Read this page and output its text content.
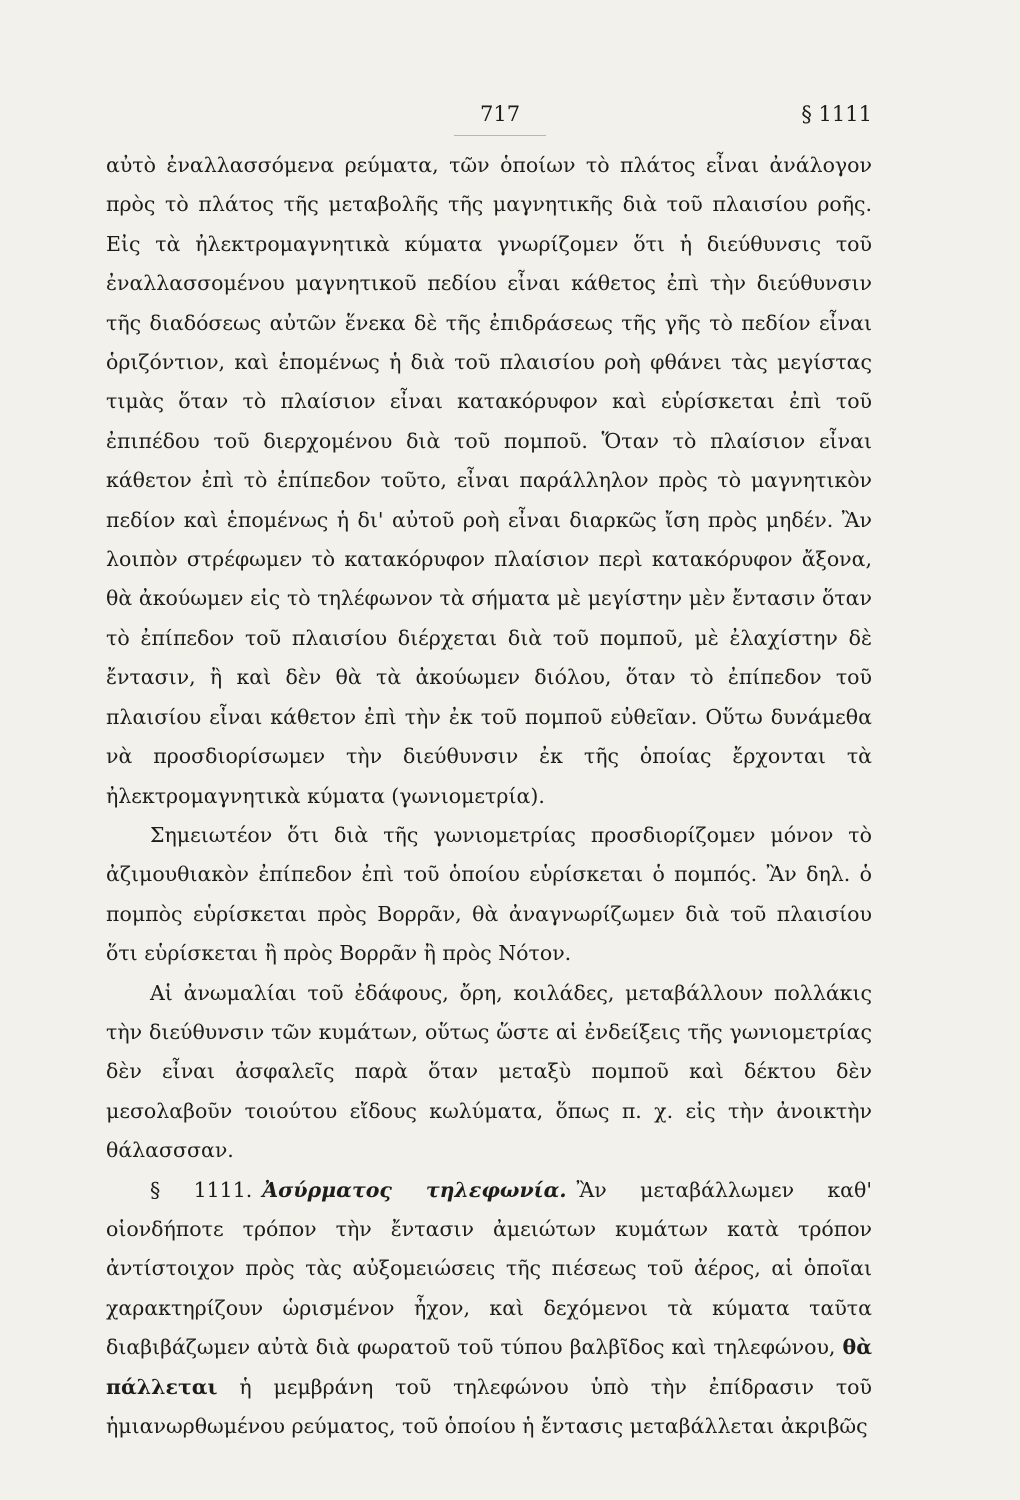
717	§ 1111

αὐτὸ ἐναλλασσόμενα ρεύματα, τῶν ὁποίων τὸ πλάτος εἶναι ἀνάλογον πρὸς τὸ πλάτος τῆς μεταβολῆς τῆς μαγνητικῆς διὰ τοῦ πλαισίου ροῆς. Εἰς τὰ ἠλεκτρομαγνητικὰ κύματα γνωρίζομεν ὅτι ἡ διεύθυνσις τοῦ ἐναλλασσομένου μαγνητικοῦ πεδίου εἶναι κάθετος ἐπὶ τὴν διεύθυνσιν τῆς διαδόσεως αὐτῶν ἕνεκα δὲ τῆς ἐπιδράσεως τῆς γῆς τὸ πεδίον εἶναι ὁριζόντιον, καὶ ἑπομένως ἡ διὰ τοῦ πλαισίου ροὴ φθάνει τὰς μεγίστας τιμὰς ὅταν τὸ πλαίσιον εἶναι κατακόρυφον καὶ εὑρίσκεται ἐπὶ τοῦ ἐπιπέδου τοῦ διερχομένου διὰ τοῦ πομποῦ. Ὅταν τὸ πλαίσιον εἶναι κάθετον ἐπὶ τὸ ἐπίπεδον τοῦτο, εἶναι παράλληλον πρὸς τὸ μαγνητικὸν πεδίον καὶ ἑπομένως ἡ δι' αὐτοῦ ροὴ εἶναι διαρκῶς ἴση πρὸς μηδέν. Ἂν λοιπὸν στρέφωμεν τὸ κατακόρυφον πλαίσιον περὶ κατακόρυφον ἄξονα, θὰ ἀκούωμεν εἰς τὸ τηλέφωνον τὰ σήματα μὲ μεγίστην μὲν ἔντασιν ὅταν τὸ ἐπίπεδον τοῦ πλαισίου διέρχεται διὰ τοῦ πομποῦ, μὲ ἐλαχίστην δὲ ἔντασιν, ἢ καὶ δὲν θὰ τὰ ἀκούωμεν διόλου, ὅταν τὸ ἐπίπεδον τοῦ πλαισίου εἶναι κάθετον ἐπὶ τὴν ἐκ τοῦ πομποῦ εὐθεῖαν. Οὕτω δυνάμεθα νὰ προσδιορίσωμεν τὴν διεύθυνσιν ἐκ τῆς ὁποίας ἔρχονται τὰ ἠλεκτρομαγνητικὰ κύματα (γωνιομετρία).

Σημειωτέον ὅτι διὰ τῆς γωνιομετρίας προσδιορίζομεν μόνον τὸ ἀζιμουθιακὸν ἐπίπεδον ἐπὶ τοῦ ὁποίου εὑρίσκεται ὁ πομπός. Ἂν δηλ. ὁ πομπὸς εὑρίσκεται πρὸς Βορρᾶν, θὰ ἀναγνωρίζωμεν διὰ τοῦ πλαισίου ὅτι εὑρίσκεται ἢ πρὸς Βορρᾶν ἢ πρὸς Νότον.

Αἱ ἀνωμαλίαι τοῦ ἐδάφους, ὄρη, κοιλάδες, μεταβάλλουν πολλάκις τὴν διεύθυνσιν τῶν κυμάτων, οὕτως ὥστε αἱ ἐνδείξεις τῆς γωνιομετρίας δὲν εἶναι ἀσφαλεῖς παρὰ ὅταν μεταξὺ πομποῦ καὶ δέκτου δὲν μεσολαβοῦν τοιούτου εἴδους κωλύματα, ὅπως π. χ. εἰς τὴν ἀνοικτὴν θάλασσσαν.

§ 1111. Ἀσύρματος τηλεφωνία. Ἂν μεταβάλλωμεν καθ' οἱονδήποτε τρόπον τὴν ἔντασιν ἀμειώτων κυμάτων κατὰ τρόπον ἀντίστοιχον πρὸς τὰς αὐξομειώσεις τῆς πιέσεως τοῦ ἀέρος, αἱ ὁποῖαι χαρακτηρίζουν ὡρισμένον ἦχον, καὶ δεχόμενοι τὰ κύματα ταῦτα διαβιβάζωμεν αὐτὰ διὰ φωρατοῦ τοῦ τύπου βαλβῖδος καὶ τηλεφώνου, θὰ πάλλεται ἡ μεμβράνη τοῦ τηλεφώνου ὑπὸ τὴν ἐπίδρασιν τοῦ ἡμιανωρθωμένου ρεύματος, τοῦ ὁποίου ἡ ἔντασις μεταβάλλεται ἀκριβῶς
